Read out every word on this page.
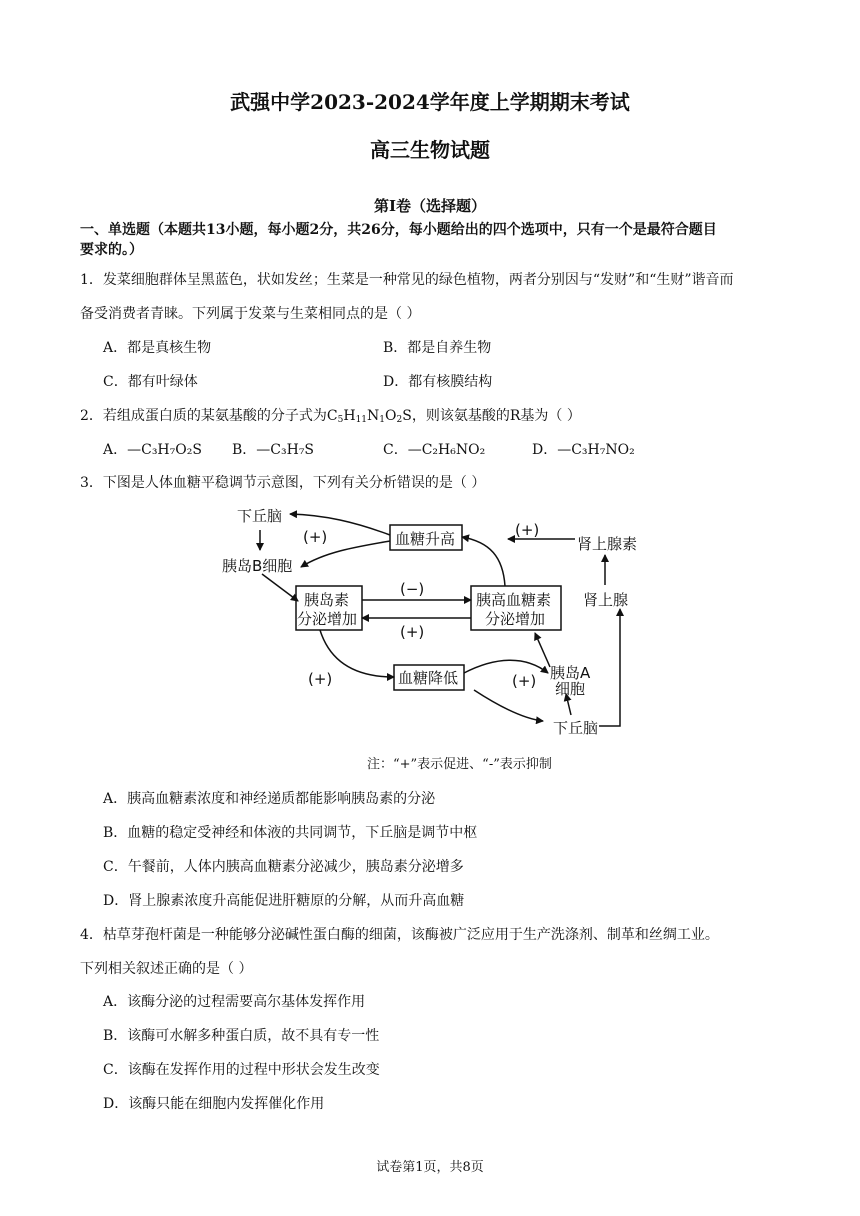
武强中学2023-2024学年度上学期期末考试
高三生物试题
第Ⅰ卷（选择题）
一、单选题（本题共13小题，每小题2分，共26分，每小题给出的四个选项中，只有一个是最符合题目
要求的。）
1．发菜细胞群体呈黑蓝色，状如发丝；生菜是一种常见的绿色植物，两者分别因与“发财”和“生财”谐音而
备受消费者青睐。下列属于发菜与生菜相同点的是（ ）
A．都是真核生物	B．都是自养生物
C．都有叶绿体	D．都有核膜结构
2．若组成蛋白质的某氨基酸的分子式为$C_5H_{11}N_1O_2S$，则该氨基酸的R基为（ ）
A．—C₃H₇O₂S B．—C₃H₇S	C．—C₂H₆NO₂	D．—C₃H₇NO₂
3．下图是人体血糖平稳调节示意图，下列有关分析错误的是（ ）
下丘脑
胰岛B细胞
(+)	血糖升高	(+)
肾上腺素
肾上腺
胰岛素
分泌增加
(−)
(+)
胰高血糖素
分泌增加
(+)	血糖降低	(+) 胰岛A
细胞
下丘脑
注：“+”表示促进、“-”表示抑制
A．胰高血糖素浓度和神经递质都能影响胰岛素的分泌
B．血糖的稳定受神经和体液的共同调节，下丘脑是调节中枢
C．午餐前，人体内胰高血糖素分泌减少，胰岛素分泌增多
D．肾上腺素浓度升高能促进肝糖原的分解，从而升高血糖
4．枯草芽孢杆菌是一种能够分泌碱性蛋白酶的细菌，该酶被广泛应用于生产洗涤剂、制革和丝绸工业。
下列相关叙述正确的是（ ）
A．该酶分泌的过程需要高尔基体发挥作用
B．该酶可水解多种蛋白质，故不具有专一性
C．该酶在发挥作用的过程中形状会发生改变
D．该酶只能在细胞内发挥催化作用
试卷第1页，共8页
